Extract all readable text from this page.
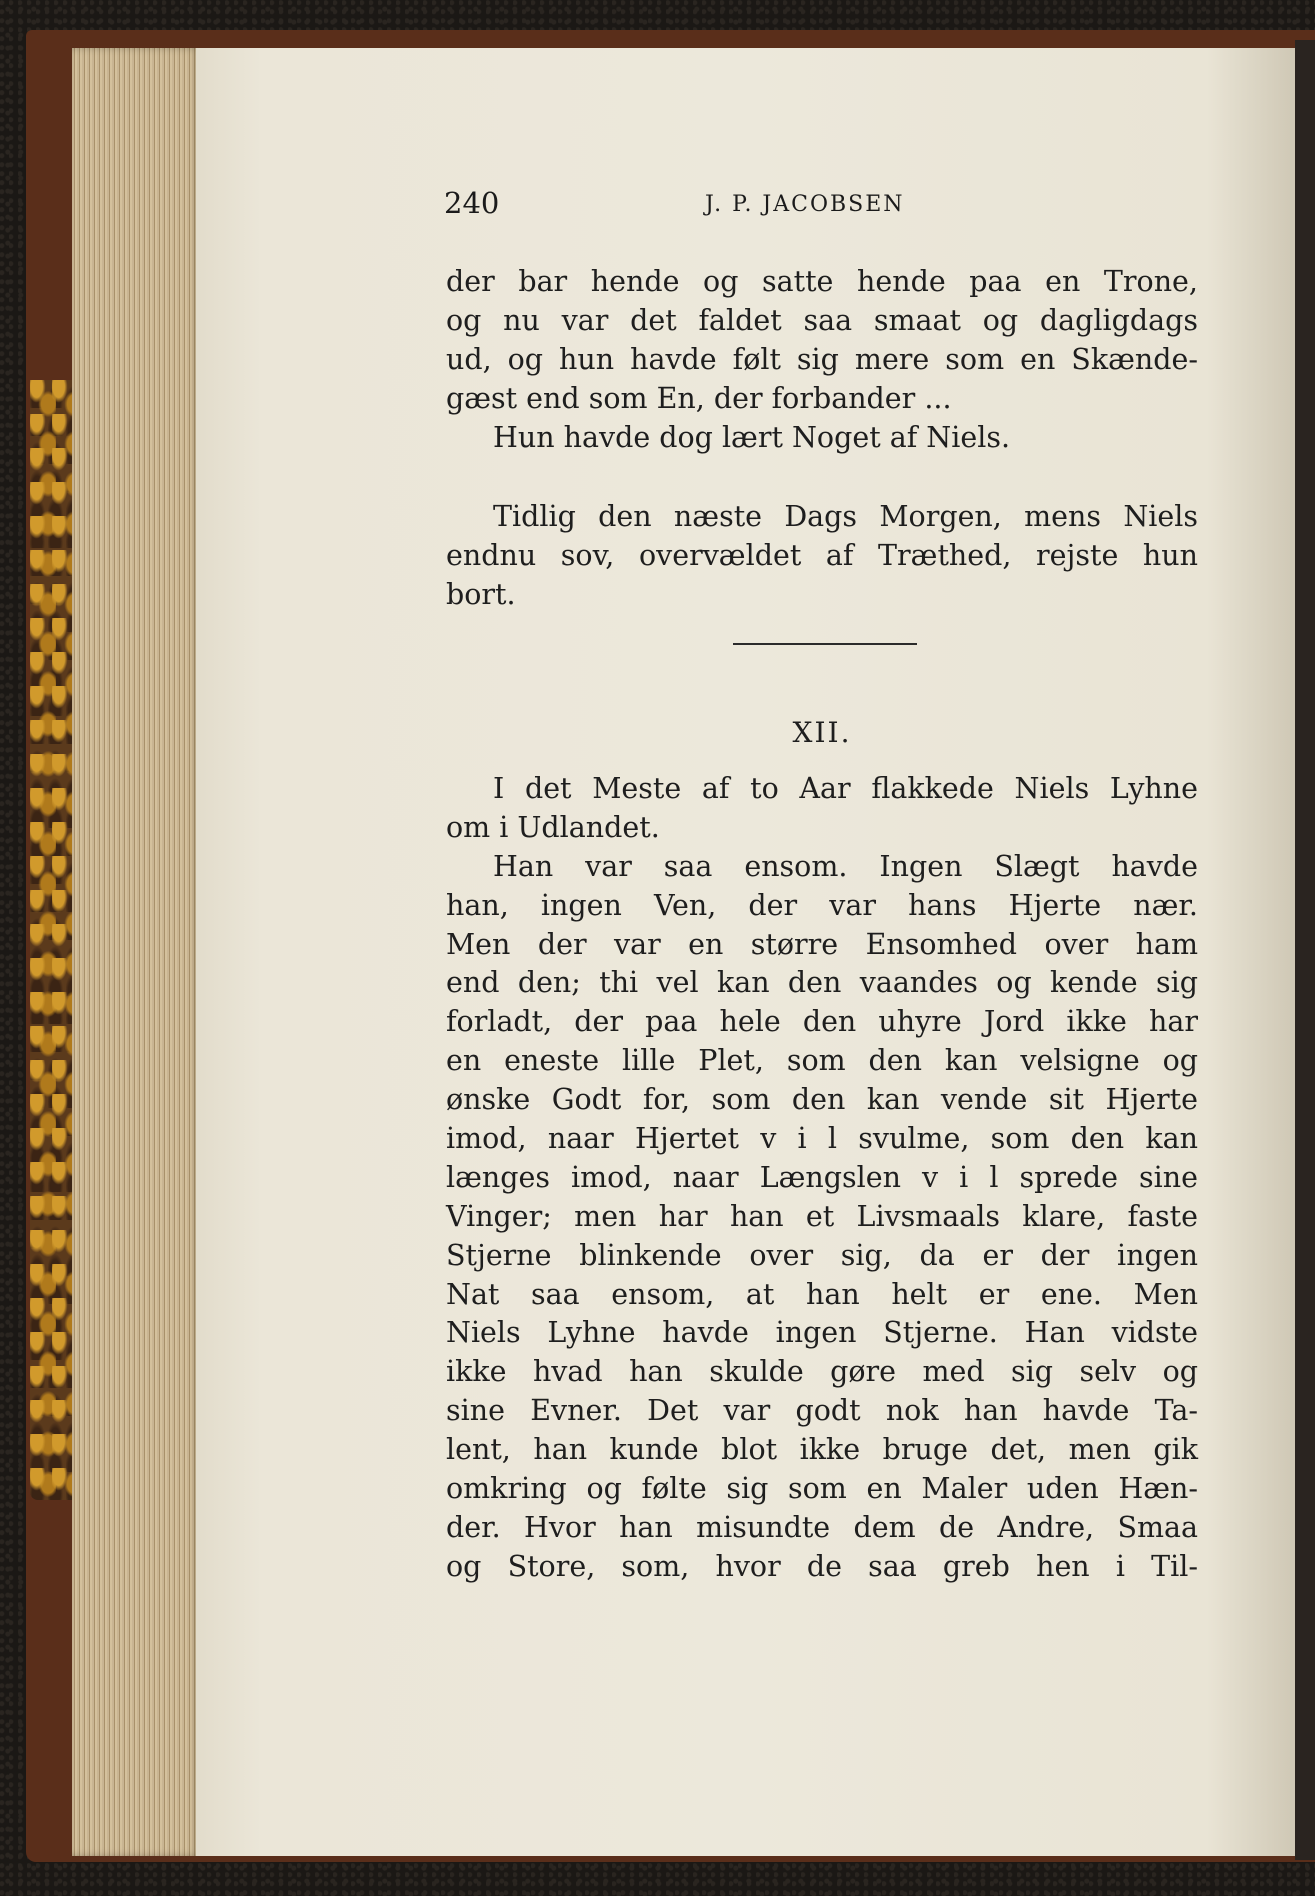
240	J. P. JACOBSEN
der bar hende og satte hende paa en Trone,
og nu var det faldet saa smaat og dagligdags
ud, og hun havde følt sig mere som en Skænde-
gæst end som En, der forbander ...
Hun havde dog lært Noget af Niels.
Tidlig den næste Dags Morgen, mens Niels
endnu sov, overvældet af Træthed, rejste hun
bort.
XII.
I det Meste af to Aar flakkede Niels Lyhne
om i Udlandet.
Han var saa ensom. Ingen Slægt havde
han, ingen Ven, der var hans Hjerte nær.
Men der var en større Ensomhed over ham
end den; thi vel kan den vaandes og kende sig
forladt, der paa hele den uhyre Jord ikke har
en eneste lille Plet, som den kan velsigne og
ønske Godt for, som den kan vende sit Hjerte
imod, naar Hjertet v i l svulme, som den kan
længes imod, naar Længslen v i l sprede sine
Vinger; men har han et Livsmaals klare, faste
Stjerne blinkende over sig, da er der ingen
Nat saa ensom, at han helt er ene. Men
Niels Lyhne havde ingen Stjerne. Han vidste
ikke hvad han skulde gøre med sig selv og
sine Evner. Det var godt nok han havde Ta-
lent, han kunde blot ikke bruge det, men gik
omkring og følte sig som en Maler uden Hæn-
der. Hvor han misundte dem de Andre, Smaa
og Store, som, hvor de saa greb hen i Til-
